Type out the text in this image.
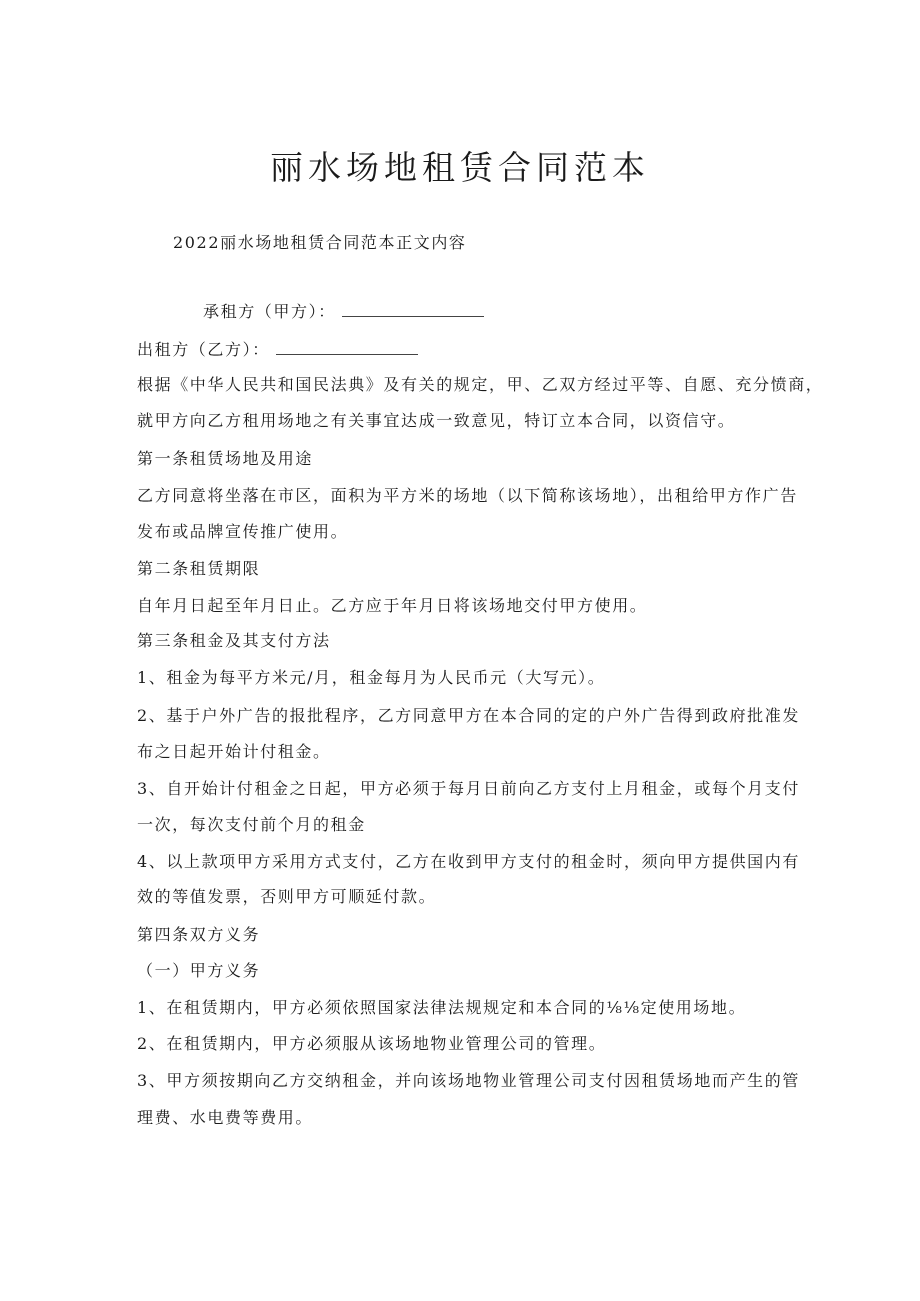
丽水场地租赁合同范本

2022丽水场地租赁合同范本正文内容

承租方（甲方）：

出租方（乙方）：

根据《中华人民共和国民法典》及有关的规定，甲、乙双方经过平等、自愿、充分愤商，

就甲方向乙方租用场地之有关事宜达成一致意见，特订立本合同，以资信守。

第一条租赁场地及用途

乙方同意将坐落在市区，面积为平方米的场地（以下简称该场地），出租给甲方作广告

发布或品牌宣传推广使用。

第二条租赁期限

自年月日起至年月日止。乙方应于年月日将该场地交付甲方使用。

第三条租金及其支付方法

1、租金为每平方米元/月，租金每月为人民币元（大写元）。

2、基于户外广告的报批程序，乙方同意甲方在本合同的定的户外广告得到政府批准发

布之日起开始计付租金。

3、自开始计付租金之日起，甲方必须于每月日前向乙方支付上月租金，或每个月支付

一次，每次支付前个月的租金

4、以上款项甲方采用方式支付，乙方在收到甲方支付的租金时，须向甲方提供国内有

效的等值发票，否则甲方可顺延付款。

第四条双方义务

（一）甲方义务

1、在租赁期内，甲方必须依照国家法律法规规定和本合同的⅛⅛定使用场地。

2、在租赁期内，甲方必须服从该场地物业管理公司的管理。

3、甲方须按期向乙方交纳租金，并向该场地物业管理公司支付因租赁场地而产生的管

理费、水电费等费用。
